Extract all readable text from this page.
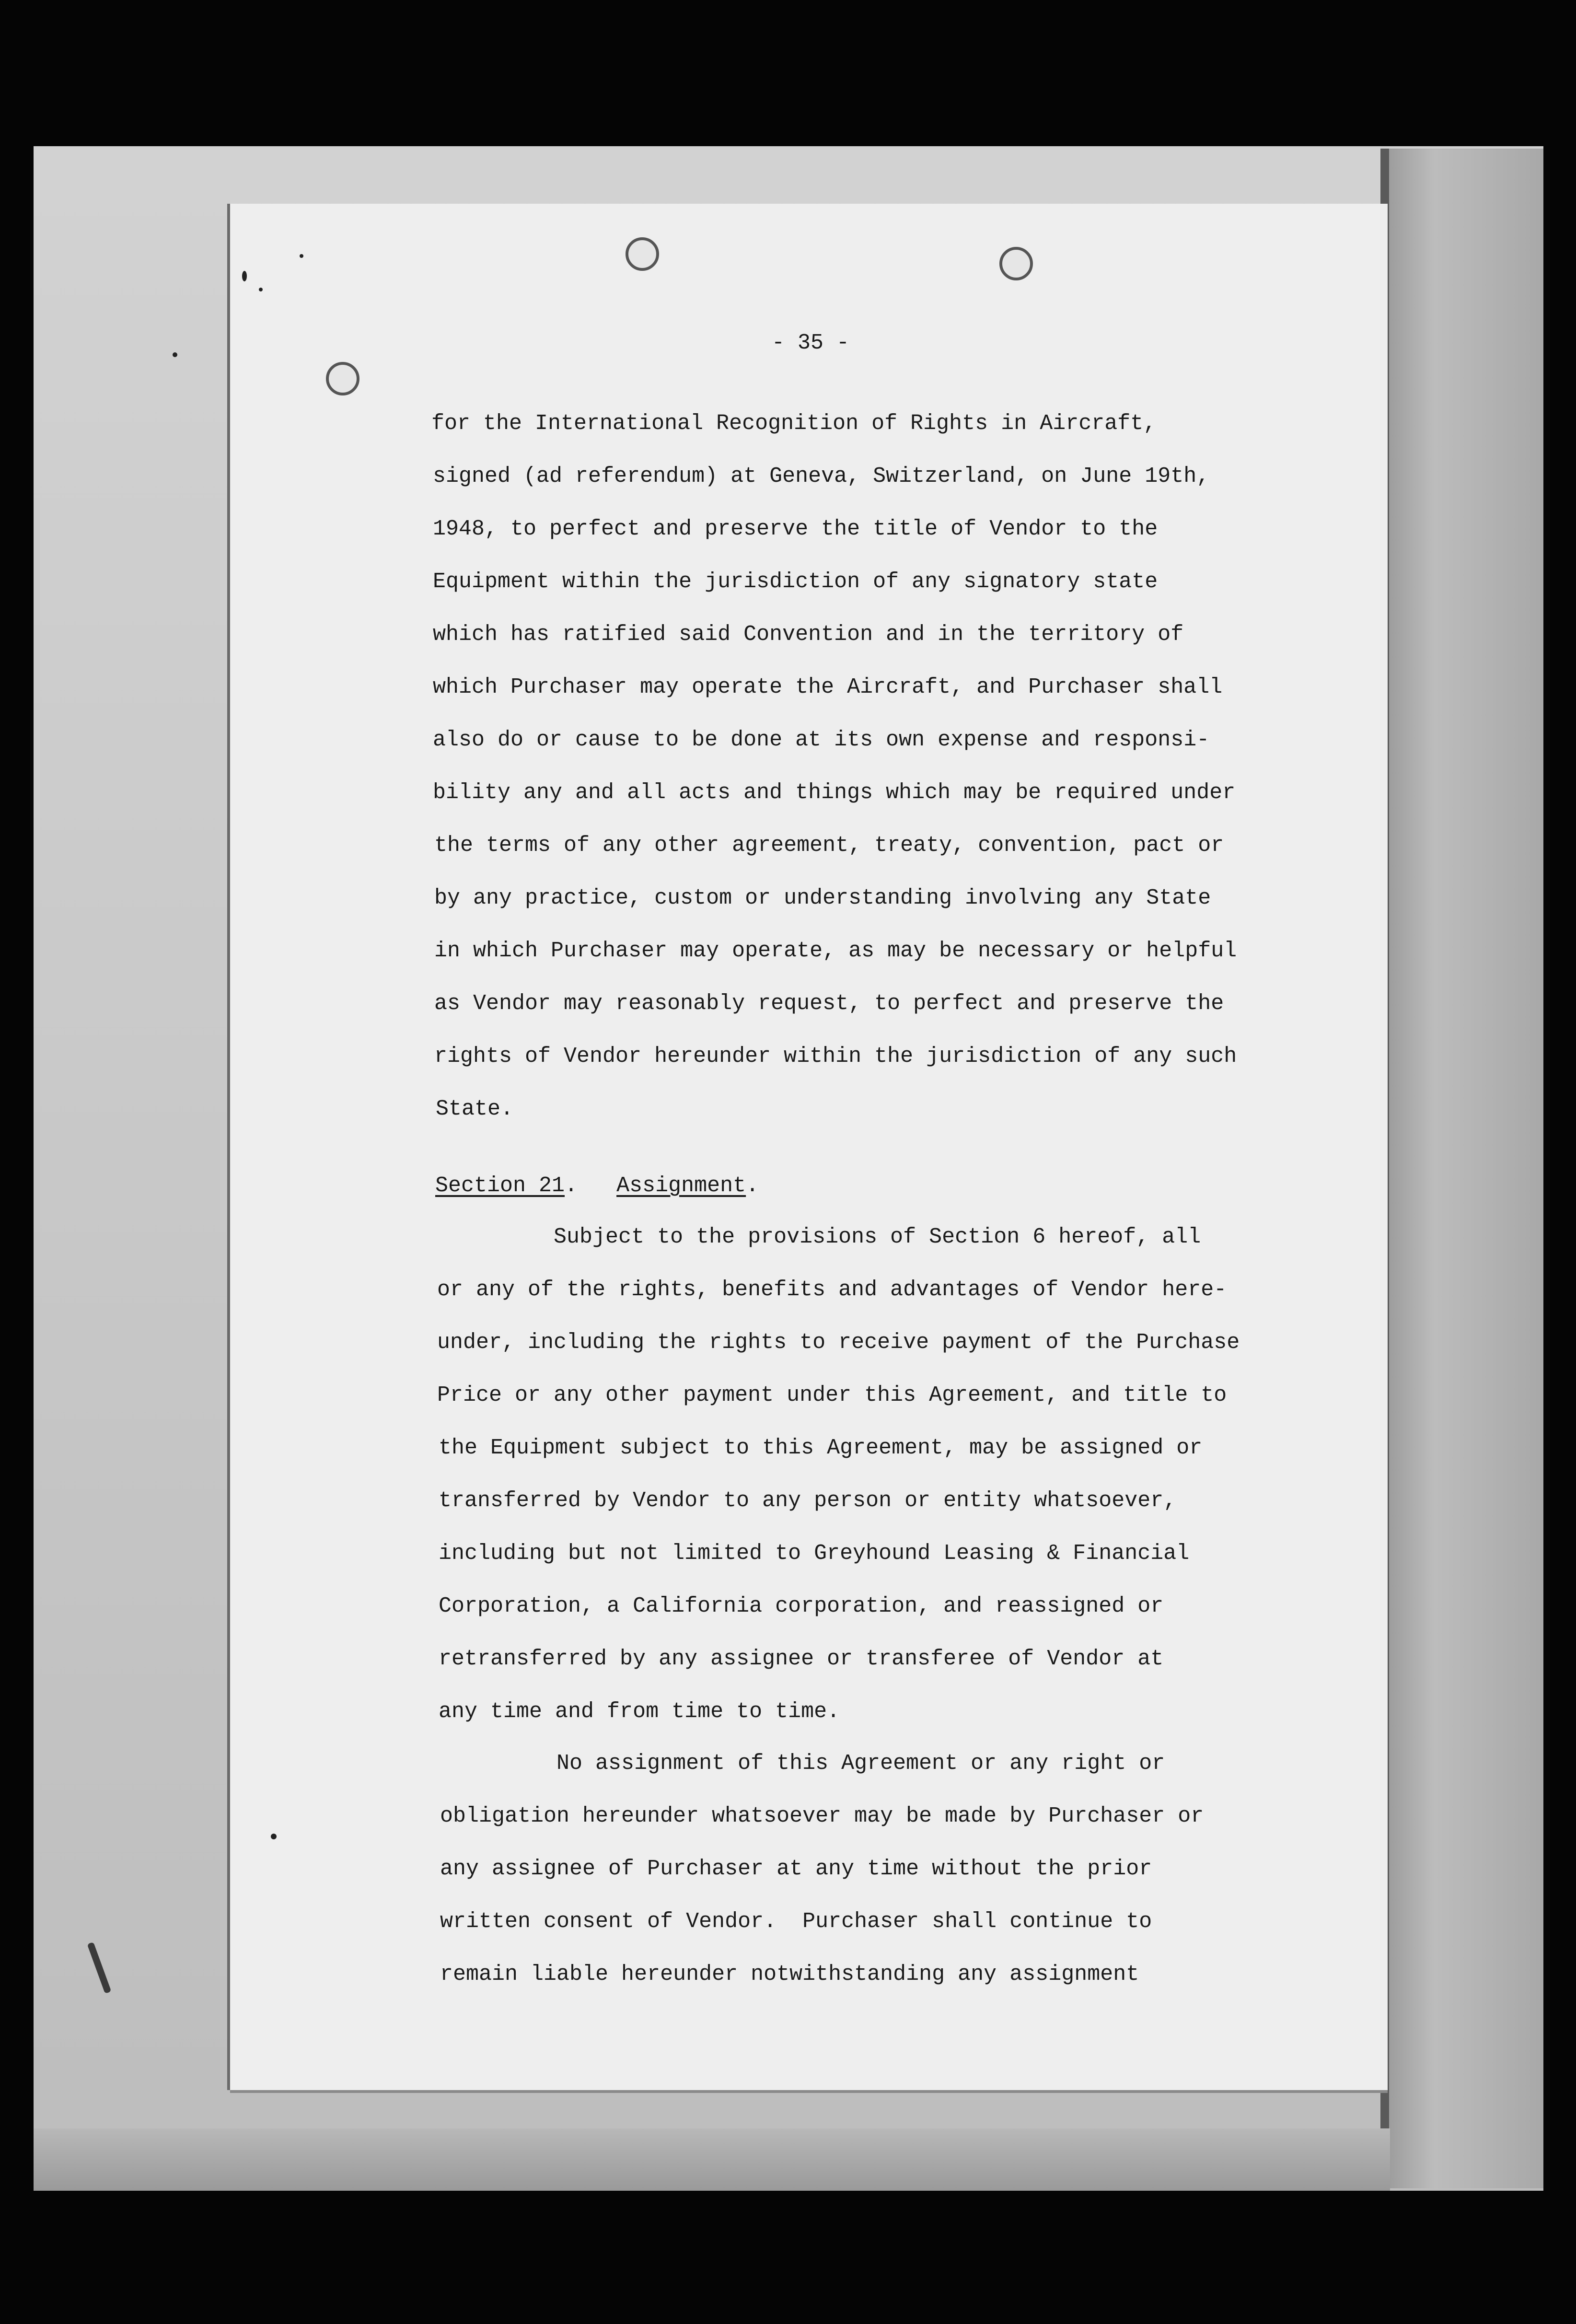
- 35 -
for the International Recognition of Rights in Aircraft,
signed (ad referendum) at Geneva, Switzerland, on June 19th,
1948, to perfect and preserve the title of Vendor to the
Equipment within the jurisdiction of any signatory state
which has ratified said Convention and in the territory of
which Purchaser may operate the Aircraft, and Purchaser shall
also do or cause to be done at its own expense and responsi-
bility any and all acts and things which may be required under
the terms of any other agreement, treaty, convention, pact or
by any practice, custom or understanding involving any State
in which Purchaser may operate, as may be necessary or helpful
as Vendor may reasonably request, to perfect and preserve the
rights of Vendor hereunder within the jurisdiction of any such
State.
Section 21.   Assignment.
Subject to the provisions of Section 6 hereof, all
or any of the rights, benefits and advantages of Vendor here-
under, including the rights to receive payment of the Purchase
Price or any other payment under this Agreement, and title to
the Equipment subject to this Agreement, may be assigned or
transferred by Vendor to any person or entity whatsoever,
including but not limited to Greyhound Leasing & Financial
Corporation, a California corporation, and reassigned or
retransferred by any assignee or transferee of Vendor at
any time and from time to time.
No assignment of this Agreement or any right or
obligation hereunder whatsoever may be made by Purchaser or
any assignee of Purchaser at any time without the prior
written consent of Vendor.  Purchaser shall continue to
remain liable hereunder notwithstanding any assignment
